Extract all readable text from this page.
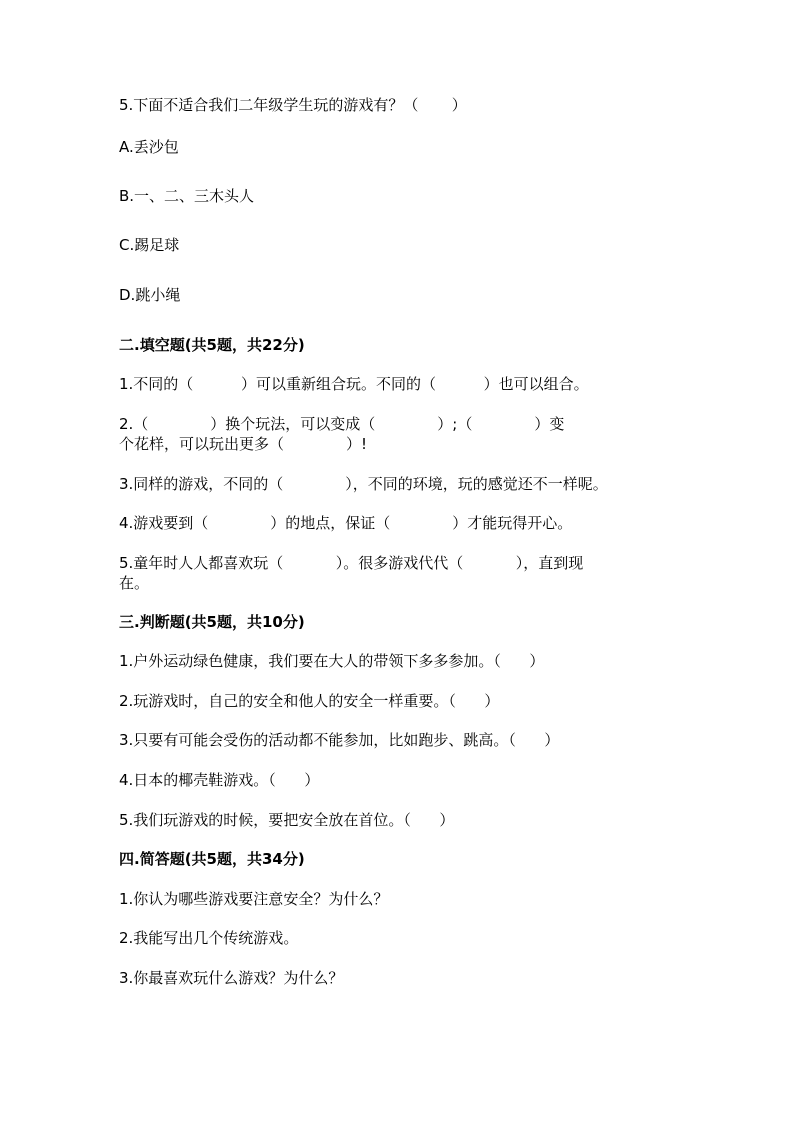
5.下面不适合我们二年级学生玩的游戏有？（       ）
A.丢沙包
B.一、二、三木头人
C.踢足球
D.跳小绳
二.填空题(共5题，共22分)
1.不同的（          ）可以重新组合玩。不同的（          ）也可以组合。
2.（             ）换个玩法，可以变成（             ）;（             ）变
个花样，可以玩出更多（             ）!
3.同样的游戏，不同的（             ），不同的环境，玩的感觉还不一样呢。
4.游戏要到（             ）的地点，保证（             ）才能玩得开心。
5.童年时人人都喜欢玩（           ）。很多游戏代代（           ），直到现
在。
三.判断题(共5题，共10分)
1.户外运动绿色健康，我们要在大人的带领下多多参加。（      ）
2.玩游戏时，自己的安全和他人的安全一样重要。（      ）
3.只要有可能会受伤的活动都不能参加，比如跑步、跳高。（      ）
4.日本的椰壳鞋游戏。（      ）
5.我们玩游戏的时候，要把安全放在首位。（      ）
四.简答题(共5题，共34分)
1.你认为哪些游戏要注意安全？为什么？
2.我能写出几个传统游戏。
3.你最喜欢玩什么游戏？为什么？
